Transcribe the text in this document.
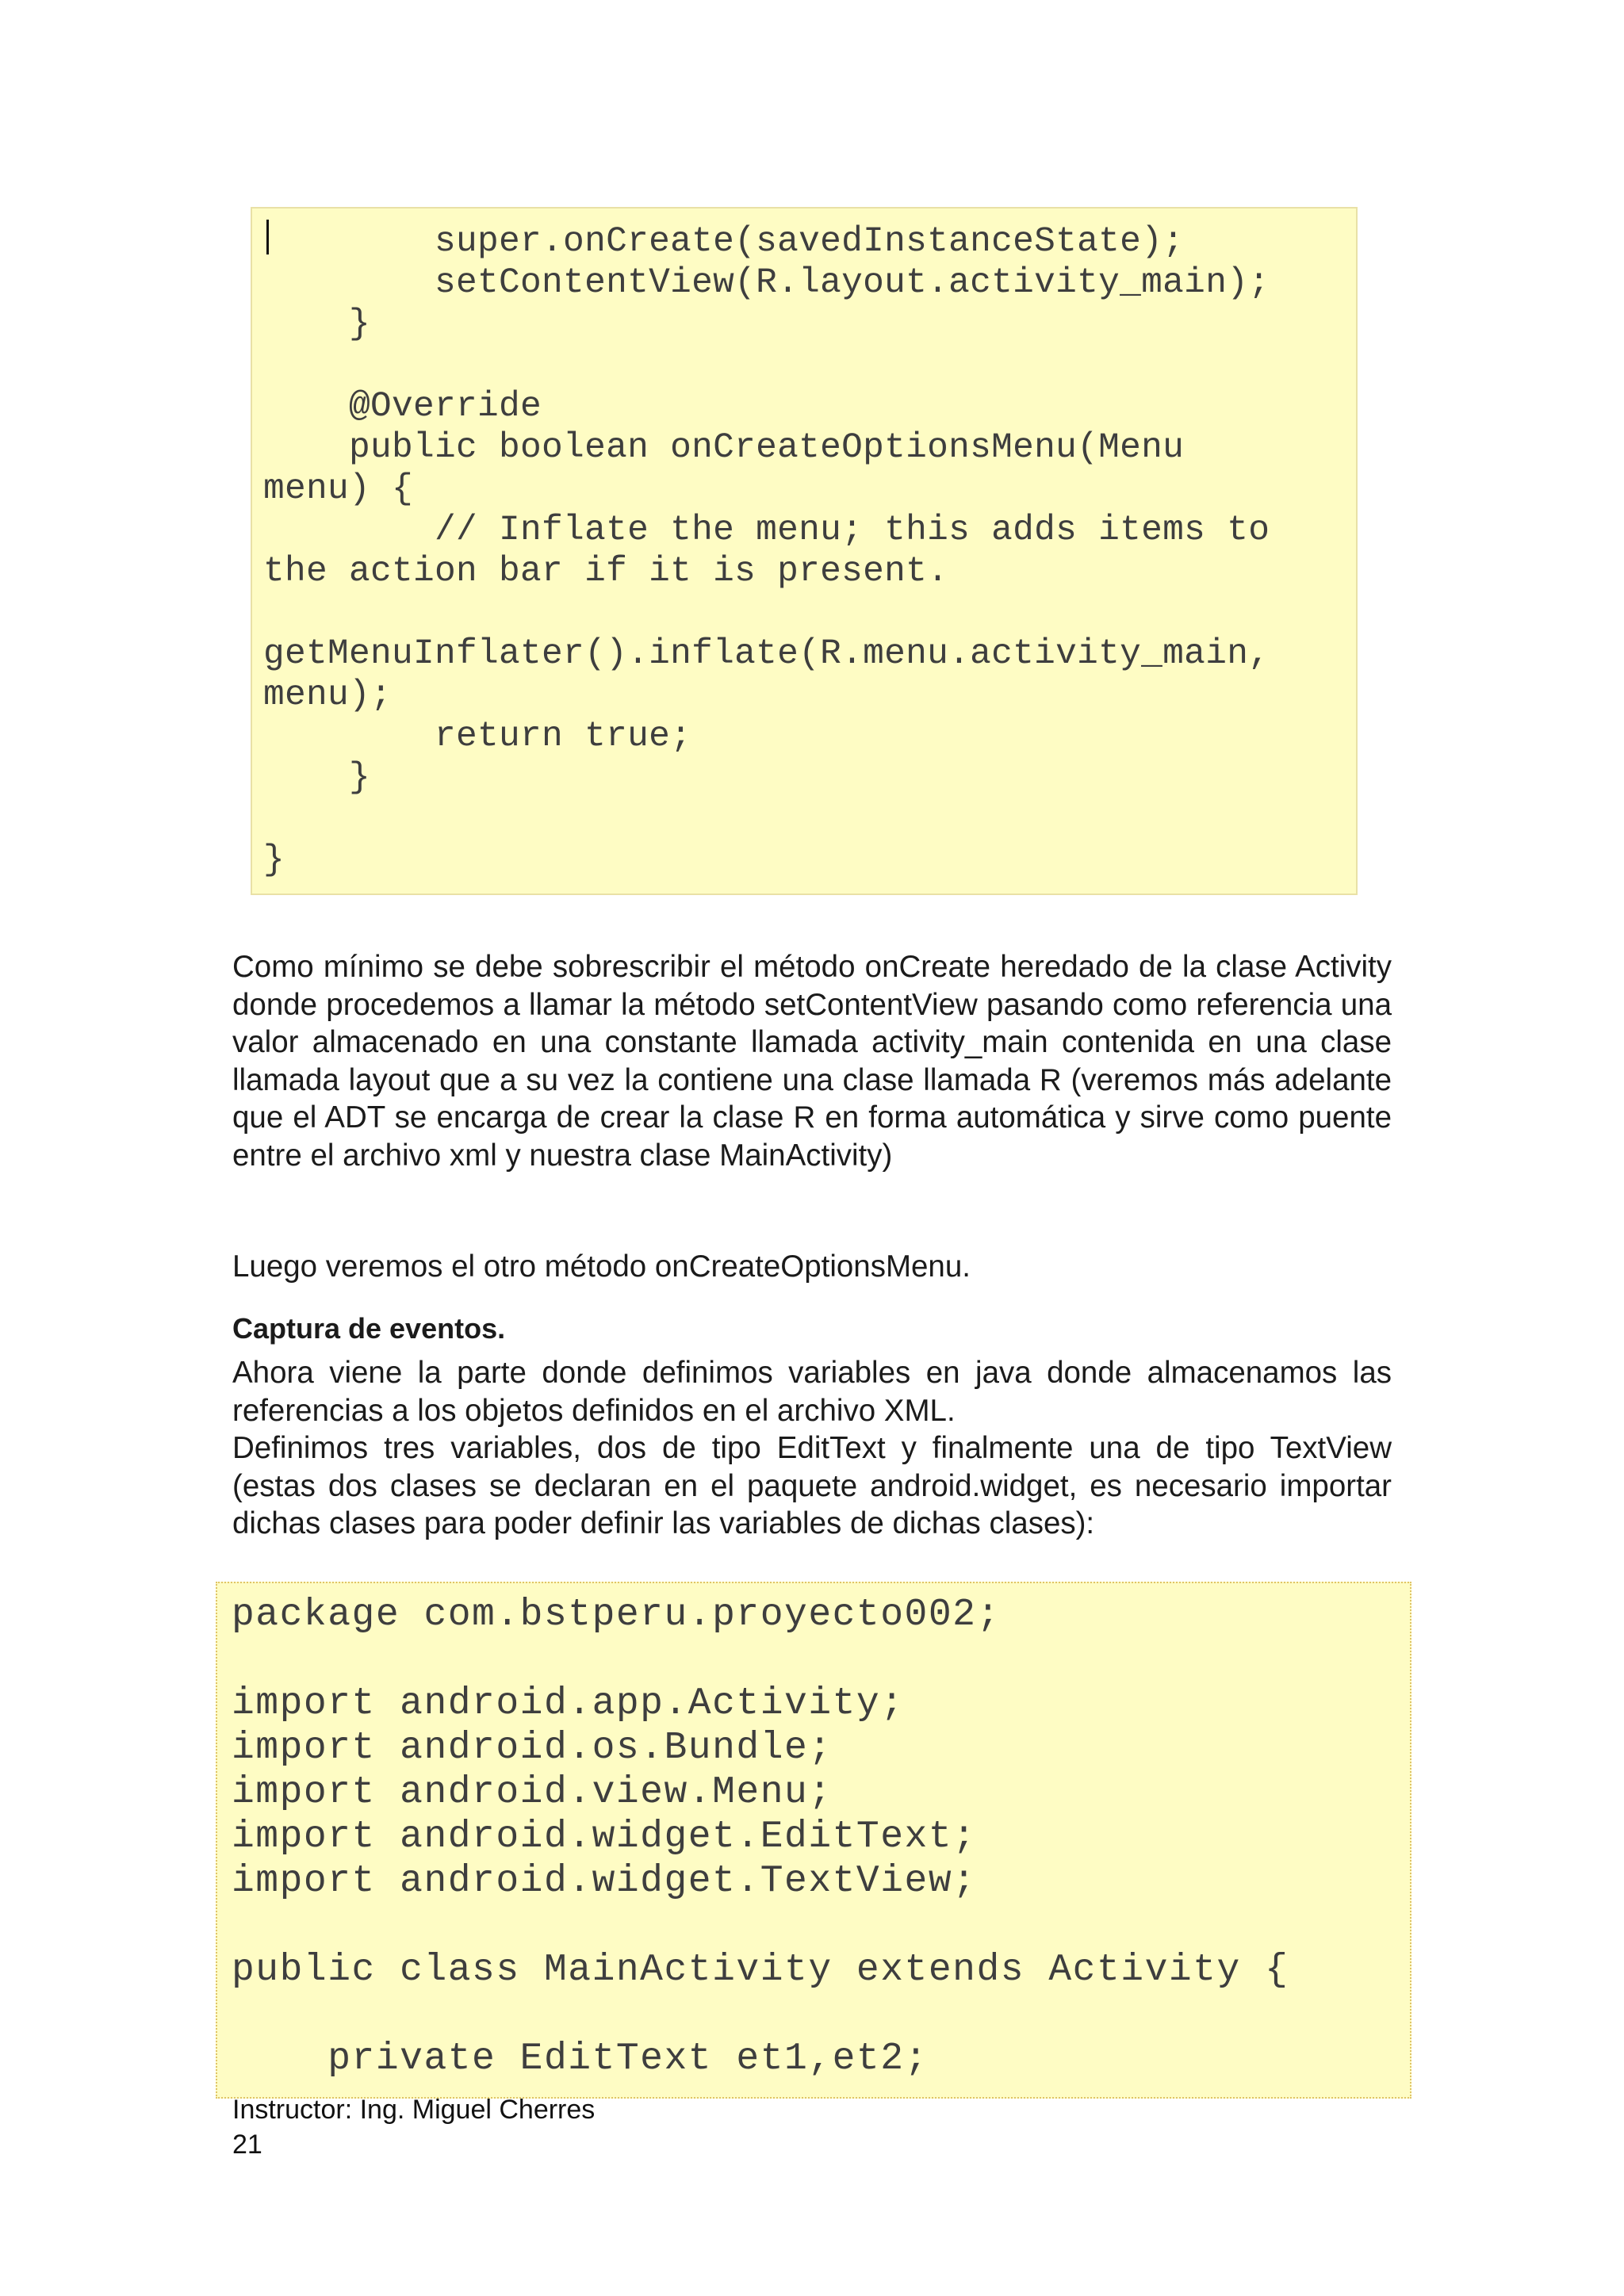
super.onCreate(savedInstanceState);
setContentView(R.layout.activity_main);
}
@Override
public boolean onCreateOptionsMenu(Menu
menu) {
// Inflate the menu; this adds items to
the action bar if it is present.
getMenuInflater().inflate(R.menu.activity_main,
menu);
return true;
}
}

Como mínimo se debe sobrescribir el método onCreate heredado de la clase Activity donde procedemos a llamar la método setContentView pasando como referencia una valor almacenado en una constante llamada activity_main contenida en una clase llamada layout que a su vez la contiene una clase llamada R (veremos más adelante que el ADT se encarga de crear la clase R en forma automática y sirve como puente entre el archivo xml y nuestra clase MainActivity)

Luego veremos el otro método onCreateOptionsMenu.

Captura de eventos.

Ahora viene la parte donde definimos variables en java donde almacenamos las referencias a los objetos definidos en el archivo XML.

Definimos tres variables, dos de tipo EditText y finalmente una de tipo TextView (estas dos clases se declaran en el paquete android.widget, es necesario importar dichas clases para poder definir las variables de dichas clases):

package com.bstperu.proyecto002;
import android.app.Activity;
import android.os.Bundle;
import android.view.Menu;
import android.widget.EditText;
import android.widget.TextView;
public class MainActivity extends Activity {
private EditText et1,et2;
Instructor: Ing. Miguel Cherres
21
